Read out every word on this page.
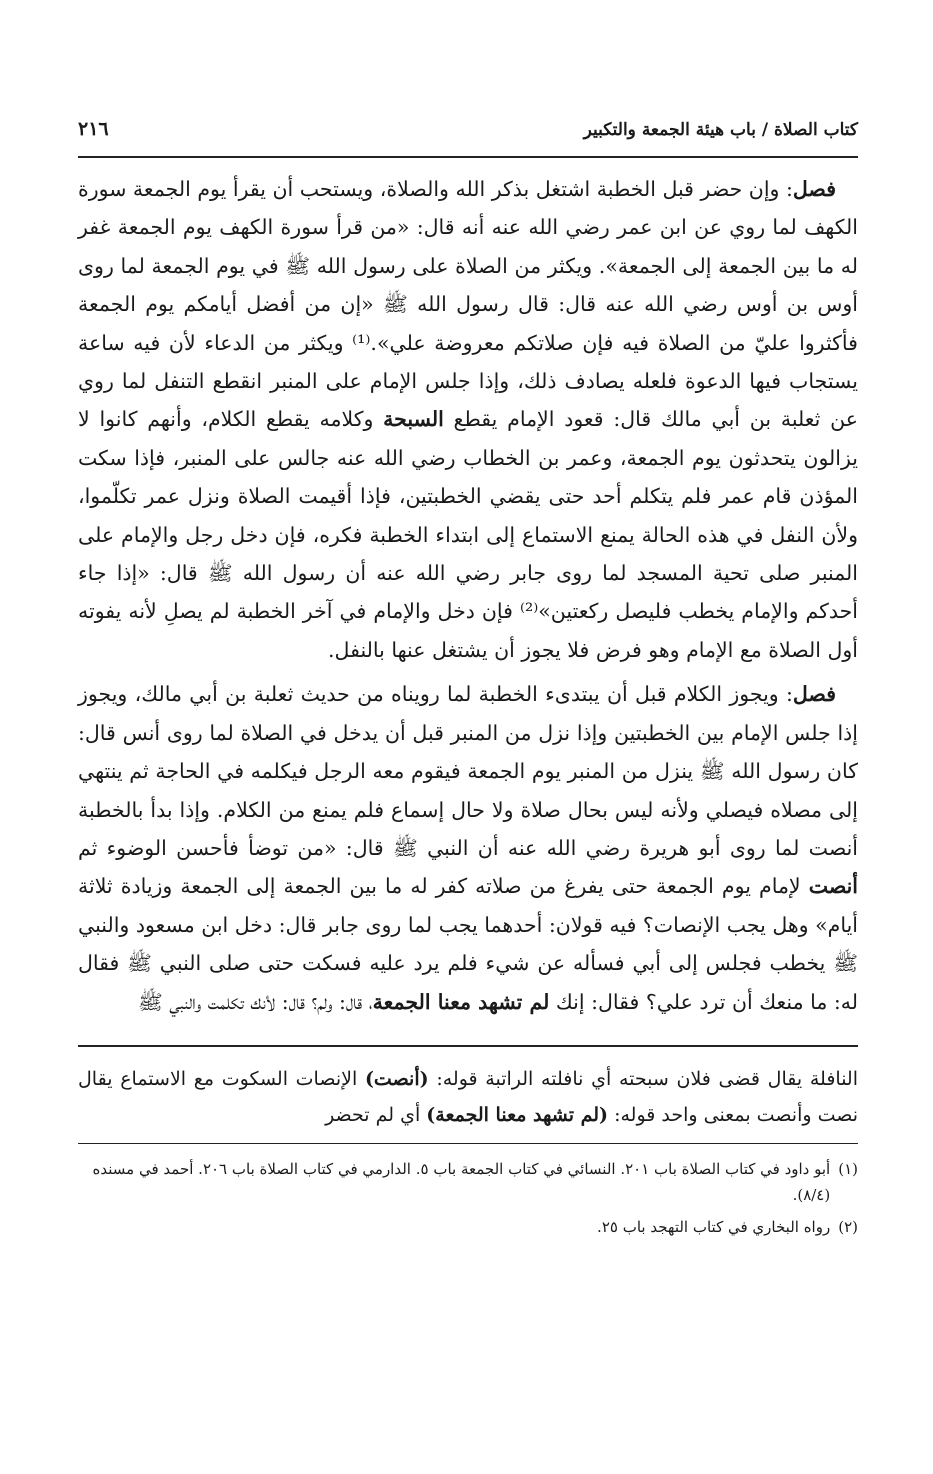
كتاب الصلاة / باب هيئة الجمعة والتكبير
٢١٦

فصل: وإن حضر قبل الخطبة اشتغل بذكر الله والصلاة، ويستحب أن يقرأ يوم الجمعة سورة الكهف لما روي عن ابن عمر رضي الله عنه أنه قال: «من قرأ سورة الكهف يوم الجمعة غفر له ما بين الجمعة إلى الجمعة». ويكثر من الصلاة على رسول الله ﷺ في يوم الجمعة لما روى أوس بن أوس رضي الله عنه قال: قال رسول الله ﷺ «إن من أفضل أيامكم يوم الجمعة فأكثروا عليّ من الصلاة فيه فإن صلاتكم معروضة علي».⁽¹⁾ ويكثر من الدعاء لأن فيه ساعة يستجاب فيها الدعوة فلعله يصادف ذلك، وإذا جلس الإمام على المنبر انقطع التنفل لما روي عن ثعلبة بن أبي مالك قال: قعود الإمام يقطع السبحة وكلامه يقطع الكلام، وأنهم كانوا لا يزالون يتحدثون يوم الجمعة، وعمر بن الخطاب رضي الله عنه جالس على المنبر، فإذا سكت المؤذن قام عمر فلم يتكلم أحد حتى يقضي الخطبتين، فإذا أقيمت الصلاة ونزل عمر تكلّموا، ولأن النفل في هذه الحالة يمنع الاستماع إلى ابتداء الخطبة فكره، فإن دخل رجل والإمام على المنبر صلى تحية المسجد لما روى جابر رضي الله عنه أن رسول الله ﷺ قال: «إذا جاء أحدكم والإمام يخطب فليصل ركعتين»⁽²⁾ فإن دخل والإمام في آخر الخطبة لم يصلِ لأنه يفوته أول الصلاة مع الإمام وهو فرض فلا يجوز أن يشتغل عنها بالنفل.

فصل: ويجوز الكلام قبل أن يبتدىء الخطبة لما رويناه من حديث ثعلبة بن أبي مالك، ويجوز إذا جلس الإمام بين الخطبتين وإذا نزل من المنبر قبل أن يدخل في الصلاة لما روى أنس قال: كان رسول الله ﷺ ينزل من المنبر يوم الجمعة فيقوم معه الرجل فيكلمه في الحاجة ثم ينتهي إلى مصلاه فيصلي ولأنه ليس بحال صلاة ولا حال إسماع فلم يمنع من الكلام. وإذا بدأ بالخطبة أنصت لما روى أبو هريرة رضي الله عنه أن النبي ﷺ قال: «من توضأ فأحسن الوضوء ثم أنصت لإمام يوم الجمعة حتى يفرغ من صلاته كفر له ما بين الجمعة إلى الجمعة وزيادة ثلاثة أيام» وهل يجب الإنصات؟ فيه قولان: أحدهما يجب لما روى جابر قال: دخل ابن مسعود والنبي ﷺ يخطب فجلس إلى أبي فسأله عن شيء فلم يرد عليه فسكت حتى صلى النبي ﷺ فقال له: ما منعك أن ترد علي؟ فقال: إنك لم تشهد معنا الجمعة، قال: ولم؟ قال: لأنك تكلمت والنبي ﷺ

النافلة يقال قضى فلان سبحته أي نافلته الراتبة قوله: (أنصت) الإنصات السكوت مع الاستماع يقال نصت وأنصت بمعنى واحد قوله: (لم تشهد معنا الجمعة) أي لم تحضر

(١)
أبو داود في كتاب الصلاة باب ٢٠١. النسائي في كتاب الجمعة باب ٥. الدارمي في كتاب الصلاة باب ٢٠٦. أحمد في مسنده (٨/٤).
(٢)
رواه البخاري في كتاب التهجد باب ٢٥.
